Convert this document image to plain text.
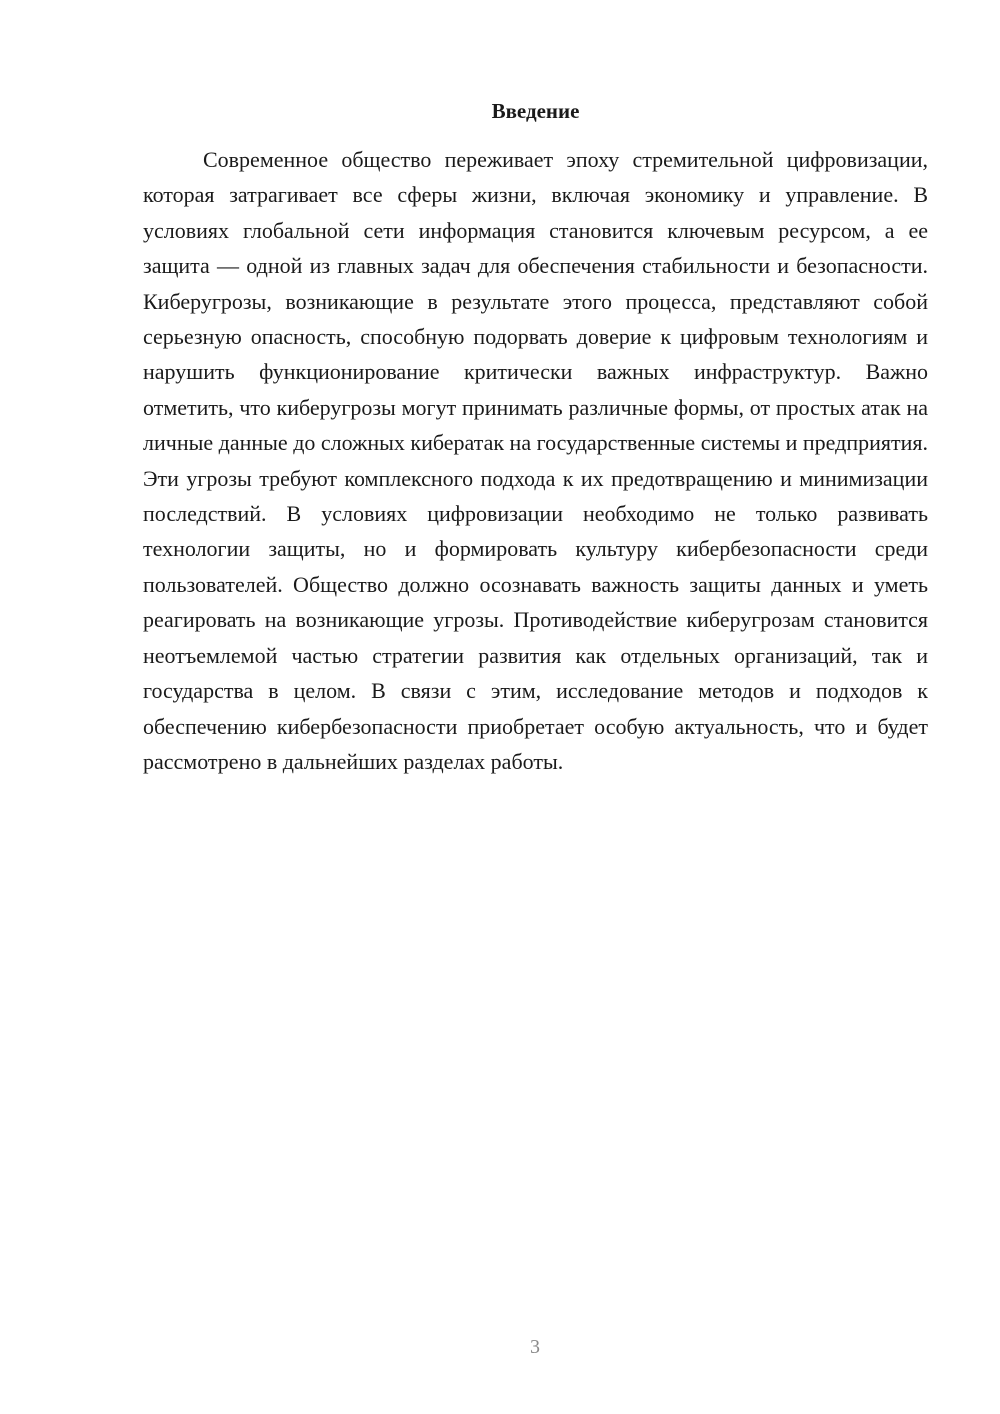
Введение

Современное общество переживает эпоху стремительной цифровизации, которая затрагивает все сферы жизни, включая экономику и управление. В условиях глобальной сети информация становится ключевым ресурсом, а ее защита — одной из главных задач для обеспечения стабильности и безопасности. Киберугрозы, возникающие в результате этого процесса, представляют собой серьезную опасность, способную подорвать доверие к цифровым технологиям и нарушить функционирование критически важных инфраструктур. Важно отметить, что киберугрозы могут принимать различные формы, от простых атак на личные данные до сложных кибератак на государственные системы и предприятия. Эти угрозы требуют комплексного подхода к их предотвращению и минимизации последствий. В условиях цифровизации необходимо не только развивать технологии защиты, но и формировать культуру кибербезопасности среди пользователей. Общество должно осознавать важность защиты данных и уметь реагировать на возникающие угрозы. Противодействие киберугрозам становится неотъемлемой частью стратегии развития как отдельных организаций, так и государства в целом. В связи с этим, исследование методов и подходов к обеспечению кибербезопасности приобретает особую актуальность, что и будет рассмотрено в дальнейших разделах работы.

3
